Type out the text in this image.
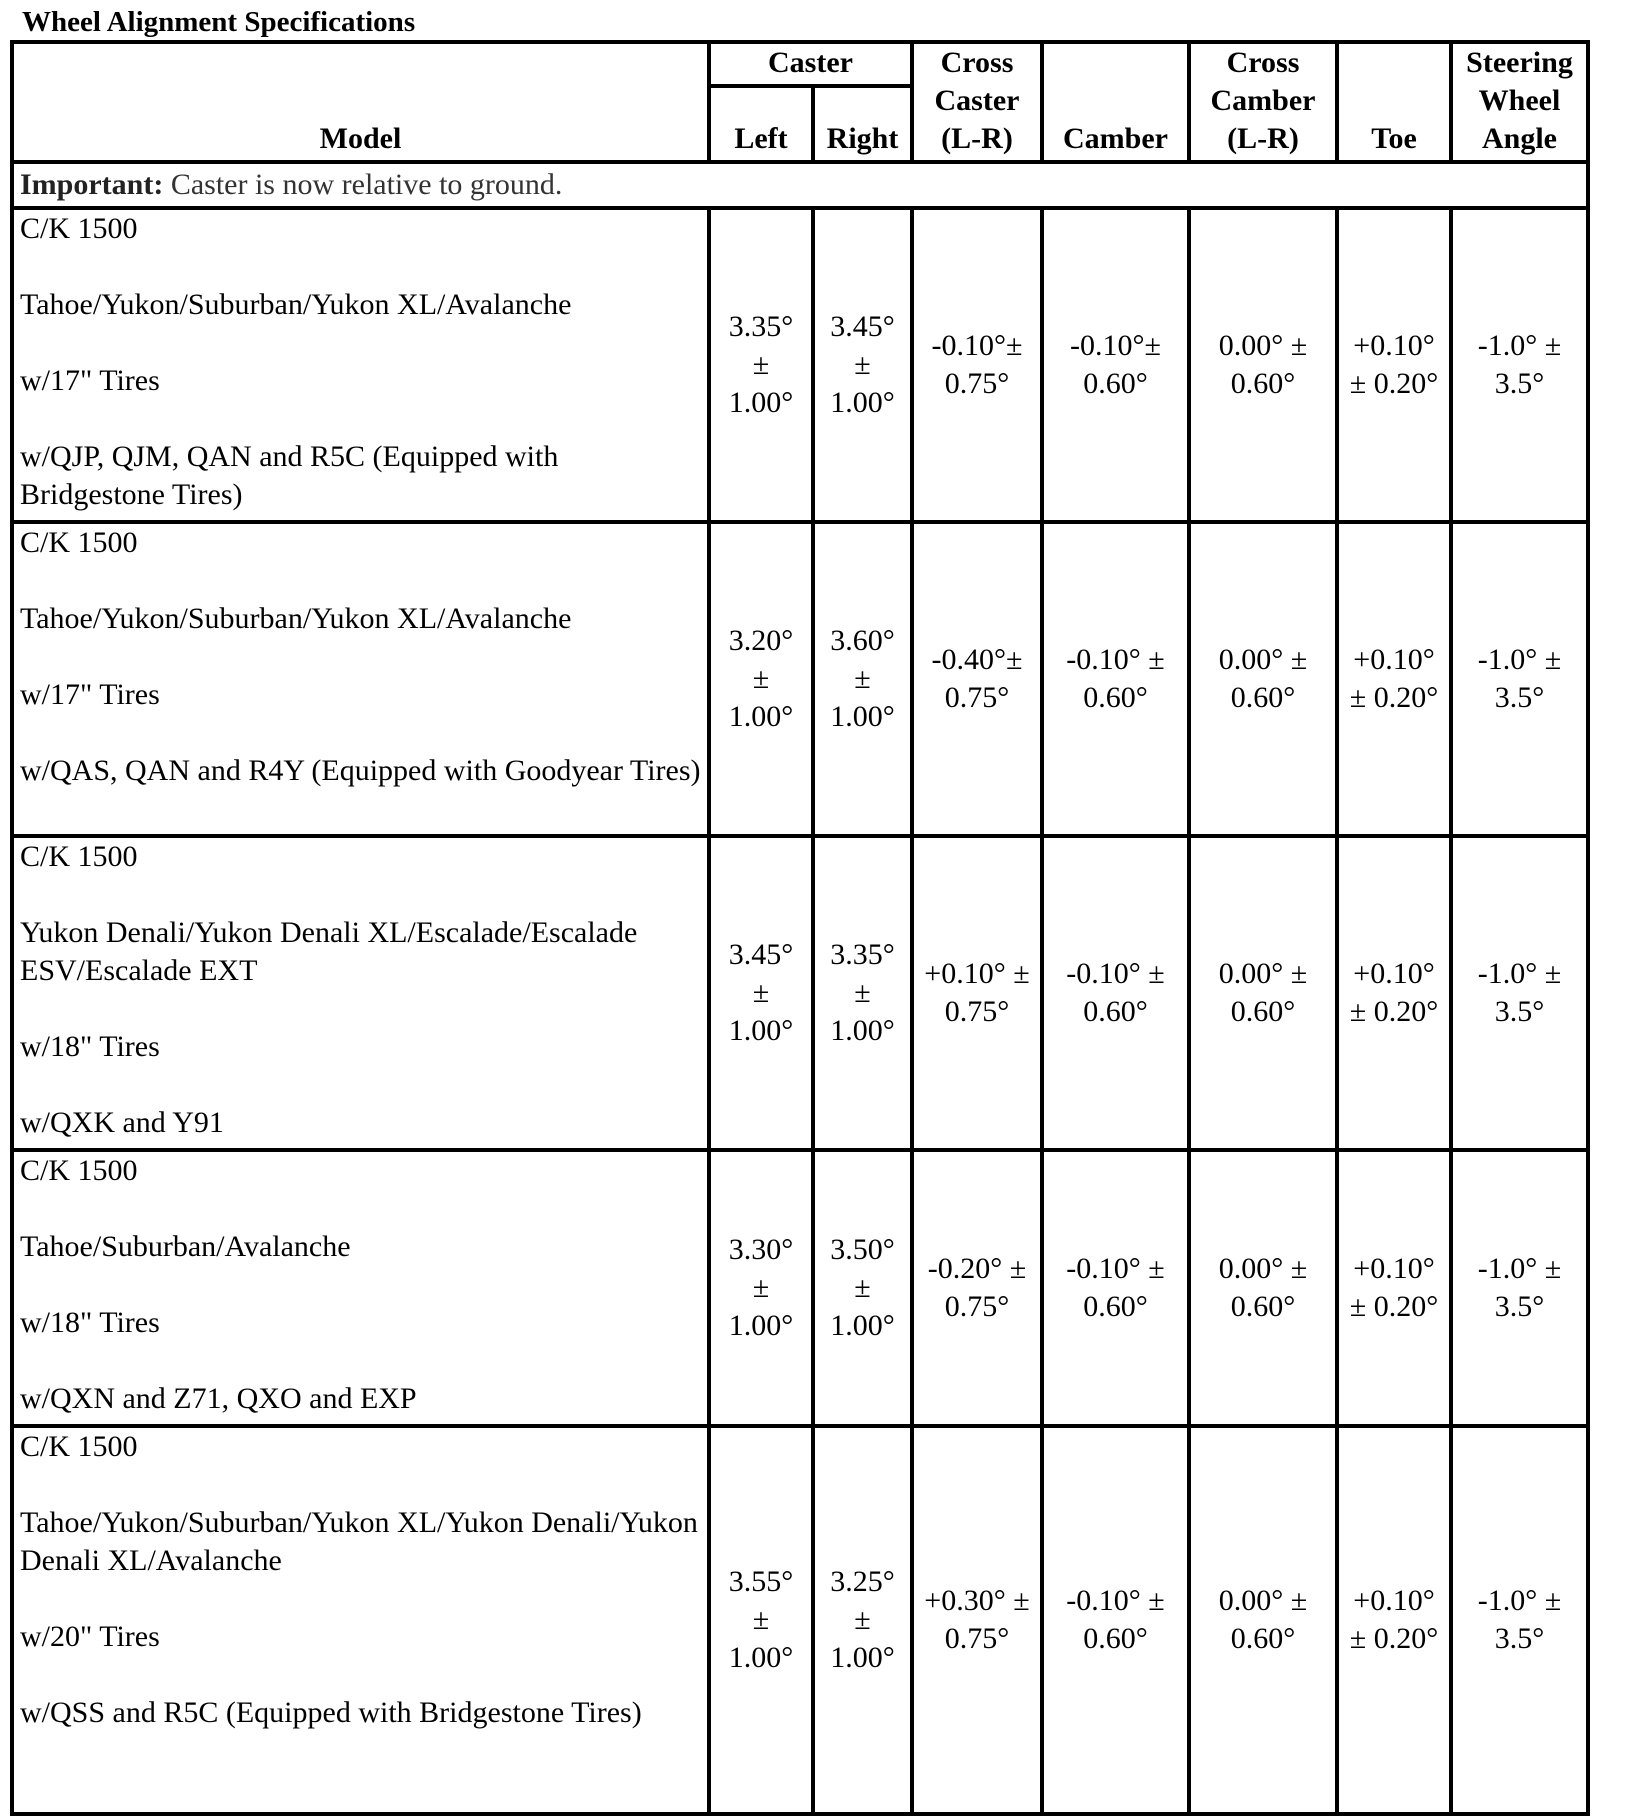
Wheel Alignment Specifications
Model	Caster		Cross Caster (L-R)	Camber	Cross Camber (L-R)	Toe	Steering Wheel Angle
	Left	Right					
Important: Caster is now relative to ground.							

C/K 1500
Tahoe/Yukon/Suburban/Yukon XL/Avalanche
w/17" Tires
w/QJP, QJM, QAN and R5C (Equipped with Bridgestone Tires)	3.35° ± 1.00°	3.45° ± 1.00°	-0.10°± 0.75°	-0.10°± 0.60°	0.00° ± 0.60°	+0.10° ± 0.20°	-1.0° ± 3.5°

C/K 1500
Tahoe/Yukon/Suburban/Yukon XL/Avalanche
w/17" Tires
w/QAS, QAN and R4Y (Equipped with Goodyear Tires)	3.20° ± 1.00°	3.60° ± 1.00°	-0.40°± 0.75°	-0.10° ± 0.60°	0.00° ± 0.60°	+0.10° ± 0.20°	-1.0° ± 3.5°

C/K 1500
Yukon Denali/Yukon Denali XL/Escalade/Escalade ESV/Escalade EXT
w/18" Tires
w/QXK and Y91	3.45° ± 1.00°	3.35° ± 1.00°	+0.10° ± 0.75°	-0.10° ± 0.60°	0.00° ± 0.60°	+0.10° ± 0.20°	-1.0° ± 3.5°

C/K 1500
Tahoe/Suburban/Avalanche
w/18" Tires
w/QXN and Z71, QXO and EXP	3.30° ± 1.00°	3.50° ± 1.00°	-0.20° ± 0.75°	-0.10° ± 0.60°	0.00° ± 0.60°	+0.10° ± 0.20°	-1.0° ± 3.5°

C/K 1500
Tahoe/Yukon/Suburban/Yukon XL/Yukon Denali/Yukon Denali XL/Avalanche
w/20" Tires
w/QSS and R5C (Equipped with Bridgestone Tires)	3.55° ± 1.00°	3.25° ± 1.00°	+0.30° ± 0.75°	-0.10° ± 0.60°	0.00° ± 0.60°	+0.10° ± 0.20°	-1.0° ± 3.5°
